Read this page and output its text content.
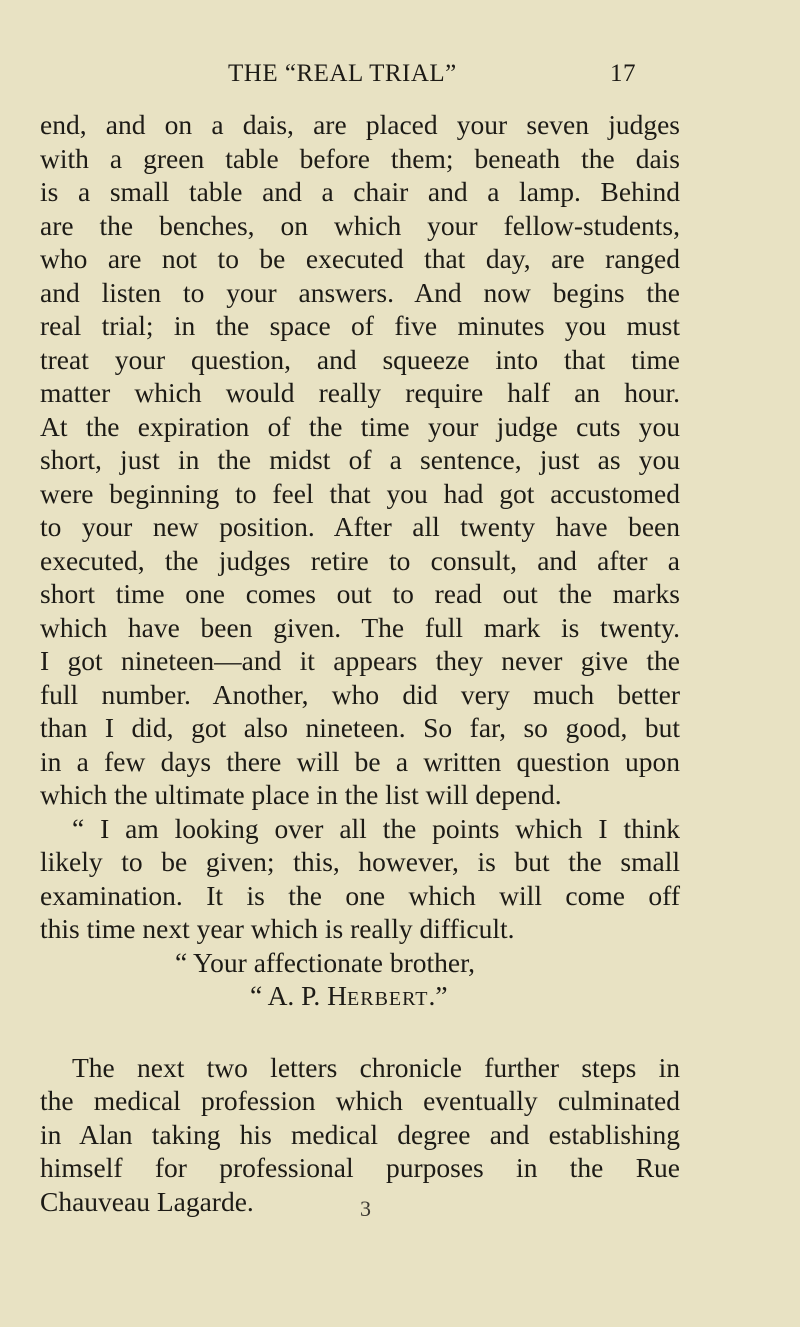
THE “REAL TRIAL”	17
end, and on a dais, are placed your seven judges
with a green table before them; beneath the dais
is a small table and a chair and a lamp. Behind
are the benches, on which your fellow-students,
who are not to be executed that day, are ranged
and listen to your answers. And now begins the
real trial; in the space of five minutes you must
treat your question, and squeeze into that time
matter which would really require half an hour.
At the expiration of the time your judge cuts you
short, just in the midst of a sentence, just as you
were beginning to feel that you had got accustomed
to your new position. After all twenty have been
executed, the judges retire to consult, and after a
short time one comes out to read out the marks
which have been given. The full mark is twenty.
I got nineteen—and it appears they never give the
full number. Another, who did very much better
than I did, got also nineteen. So far, so good, but
in a few days there will be a written question upon
which the ultimate place in the list will depend.
“ I am looking over all the points which I think
likely to be given; this, however, is but the small
examination. It is the one which will come off
this time next year which is really difficult.
“ Your affectionate brother,
“ A. P. HERBERT.”
The next two letters chronicle further steps in
the medical profession which eventually culminated
in Alan taking his medical degree and establishing
himself for professional purposes in the Rue
Chauveau Lagarde.	3
